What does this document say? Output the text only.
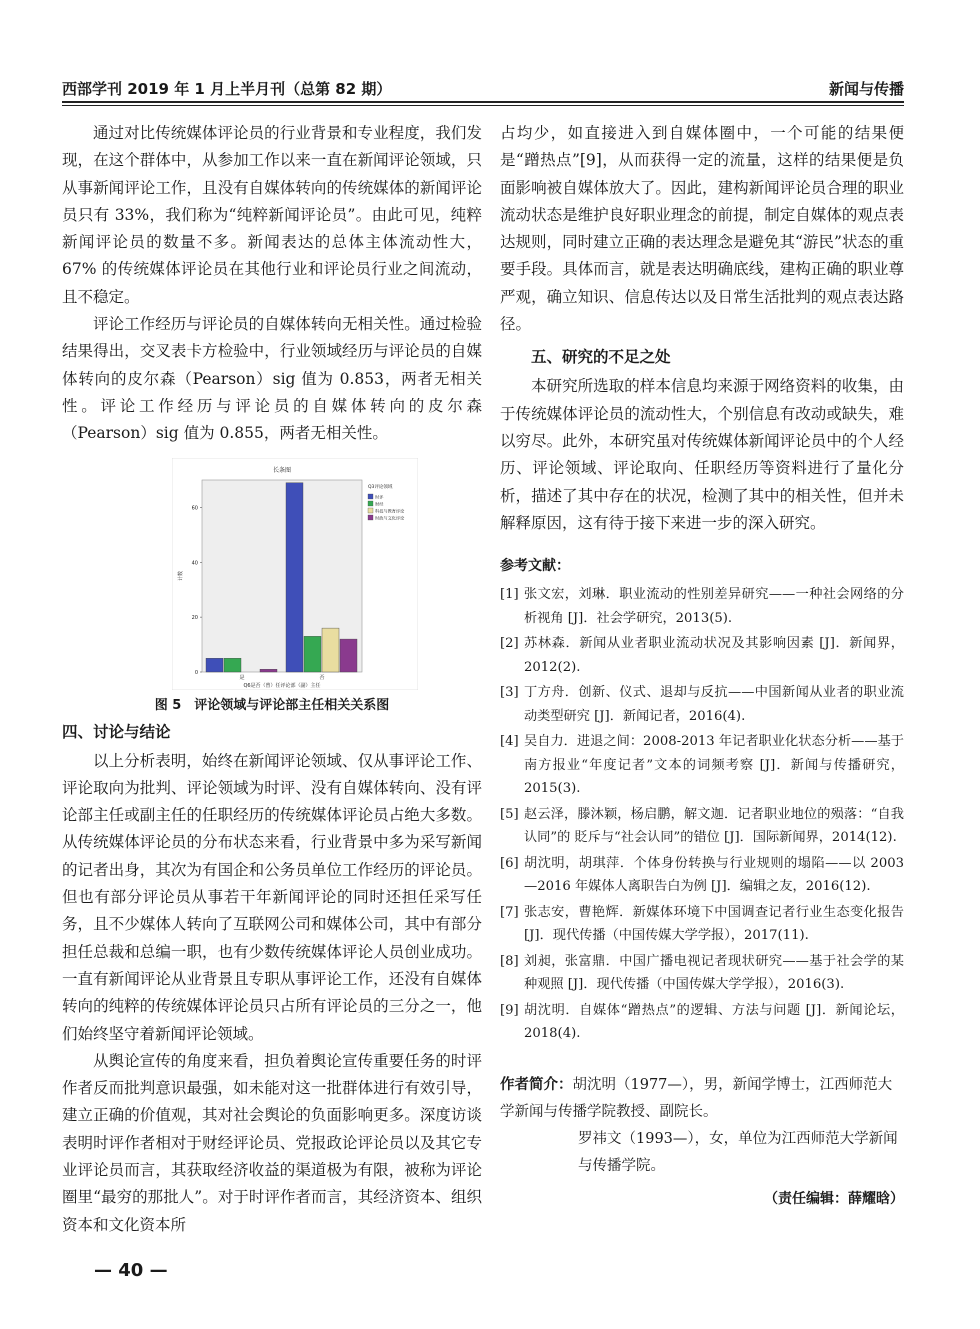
西部学刊 2019 年 1 月上半月刊（总第 82 期）	新闻与传播

通过对比传统媒体评论员的行业背景和专业程度，我们发现，在这个群体中，从参加工作以来一直在新闻评论领域，只从事新闻评论工作，且没有自媒体转向的传统媒体的新闻评论员只有 33%，我们称为“纯粹新闻评论员”。由此可见，纯粹新闻评论员的数量不多。新闻表达的总体主体流动性大，67% 的传统媒体评论员在其他行业和评论员行业之间流动，且不稳定。

评论工作经历与评论员的自媒体转向无相关性。通过检验结果得出，交叉表卡方检验中，行业领域经历与评论员的自媒体转向的皮尔森（Pearson）sig 值为 0.853，两者无相关性。评论工作经历与评论员的自媒体转向的皮尔森（Pearson）sig 值为 0.855，两者无相关性。

长条图
0
20
40
60
计数
是	否
Q6是否（曾）任评论部（副）主任
Q3评论领域
时评
财经
科技与教育评论
时政与文化评论
图 5　评论领域与评论部主任相关关系图
四、讨论与结论

以上分析表明，始终在新闻评论领域、仅从事评论工作、评论取向为批判、评论领域为时评、没有自媒体转向、没有评论部主任或副主任的任职经历的传统媒体评论员占绝大多数。从传统媒体评论员的分布状态来看，行业背景中多为采写新闻的记者出身，其次为有国企和公务员单位工作经历的评论员。但也有部分评论员从事若干年新闻评论的同时还担任采写任务，且不少媒体人转向了互联网公司和媒体公司，其中有部分担任总裁和总编一职，也有少数传统媒体评论人员创业成功。一直有新闻评论从业背景且专职从事评论工作，还没有自媒体转向的纯粹的传统媒体评论员只占所有评论员的三分之一，他们始终坚守着新闻评论领域。

从舆论宣传的角度来看，担负着舆论宣传重要任务的时评作者反而批判意识最强，如未能对这一批群体进行有效引导，建立正确的价值观，其对社会舆论的负面影响更多。深度访谈表明时评作者相对于财经评论员、党报政论评论员以及其它专业评论员而言，其获取经济收益的渠道极为有限，被称为评论圈里“最穷的那批人”。对于时评作者而言，其经济资本、组织资本和文化资本所

占均少，如直接进入到自媒体圈中，一个可能的结果便是“蹭热点”[9]，从而获得一定的流量，这样的结果便是负面影响被自媒体放大了。因此，建构新闻评论员合理的职业流动状态是维护良好职业理念的前提，制定自媒体的观点表达规则，同时建立正确的表达理念是避免其“游民”状态的重要手段。具体而言，就是表达明确底线，建构正确的职业尊严观，确立知识、信息传达以及日常生活批判的观点表达路径。

五、研究的不足之处

本研究所选取的样本信息均来源于网络资料的收集，由于传统媒体评论员的流动性大，个别信息有改动或缺失，难以穷尽。此外，本研究虽对传统媒体新闻评论员中的个人经历、评论领域、评论取向、任职经历等资料进行了量化分析，描述了其中存在的状况，检测了其中的相关性，但并未解释原因，这有待于接下来进一步的深入研究。

参考文献：
[1] 张文宏，刘琳．职业流动的性别差异研究——一种社会网络的分析视角 [J]．社会学研究，2013(5).
[2] 苏林森．新闻从业者职业流动状况及其影响因素 [J]．新闻界，2012(2).
[3] 丁方舟．创新、仪式、退却与反抗——中国新闻从业者的职业流动类型研究 [J]．新闻记者，2016(4).
[4] 吴自力．进退之间：2008-2013 年记者职业化状态分析——基于南方报业“年度记者”文本的词频考察 [J]．新闻与传播研究，2015(3).
[5] 赵云泽，滕沐颖，杨启鹏，解文迦．记者职业地位的殒落：“自我认同”的 貶斥与“社会认同”的错位 [J]．国际新闻界，2014(12).
[6] 胡沈明，胡琪萍．个体身份转换与行业规则的塌陷——以 2003—2016 年媒体人离职告白为例 [J]．编辑之友，2016(12).
[7] 张志安，曹艳辉．新媒体环境下中国调查记者行业生态变化报告 [J]．现代传播（中国传媒大学学报），2017(11).
[8] 刘昶，张富鼎．中国广播电视记者现状研究——基于社会学的某种观照 [J]．现代传播（中国传媒大学学报），2016(3).
[9] 胡沈明．自媒体“蹭热点”的逻辑、方法与问题 [J]．新闻论坛，2018(4).
作者简介：胡沈明（1977—），男，新闻学博士，江西师范大学新闻与传播学院教授、副院长。
罗祎文（1993—），女，单位为江西师范大学新闻与传播学院。
（责任编辑：薛耀晗）
— 40 —
